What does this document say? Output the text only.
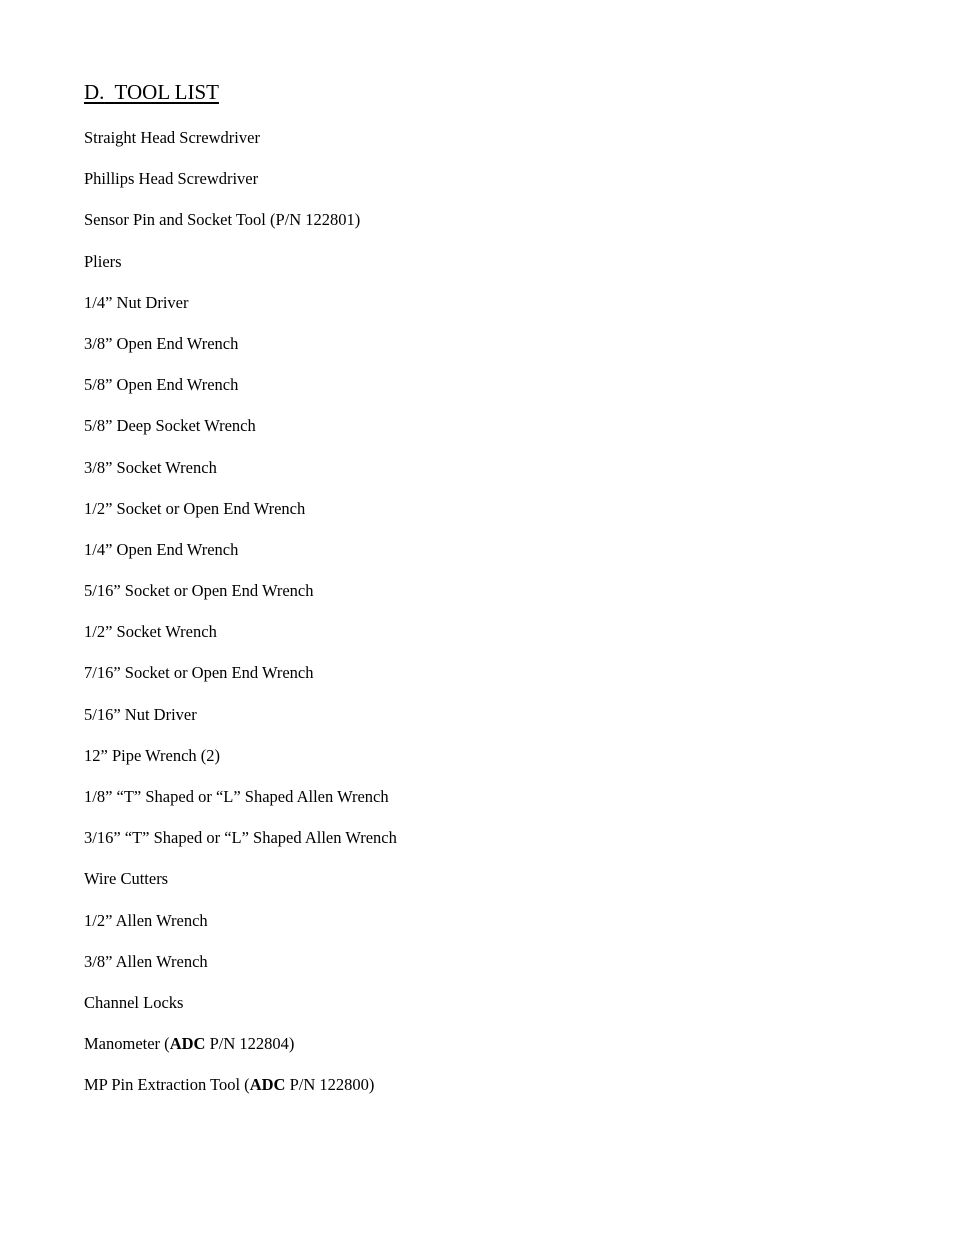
D. TOOL LIST
Straight Head Screwdriver
Phillips Head Screwdriver
Sensor Pin and Socket Tool (P/N 122801)
Pliers
1/4” Nut Driver
3/8” Open End Wrench
5/8” Open End Wrench
5/8” Deep Socket Wrench
3/8” Socket Wrench
1/2” Socket or Open End Wrench
1/4” Open End Wrench
5/16” Socket or Open End Wrench
1/2” Socket Wrench
7/16” Socket or Open End Wrench
5/16” Nut Driver
12” Pipe Wrench (2)
1/8” “T” Shaped or “L” Shaped Allen Wrench
3/16” “T” Shaped or “L” Shaped Allen Wrench
Wire Cutters
1/2” Allen Wrench
3/8” Allen Wrench
Channel Locks
Manometer (ADC P/N 122804)
MP Pin Extraction Tool (ADC P/N 122800)
